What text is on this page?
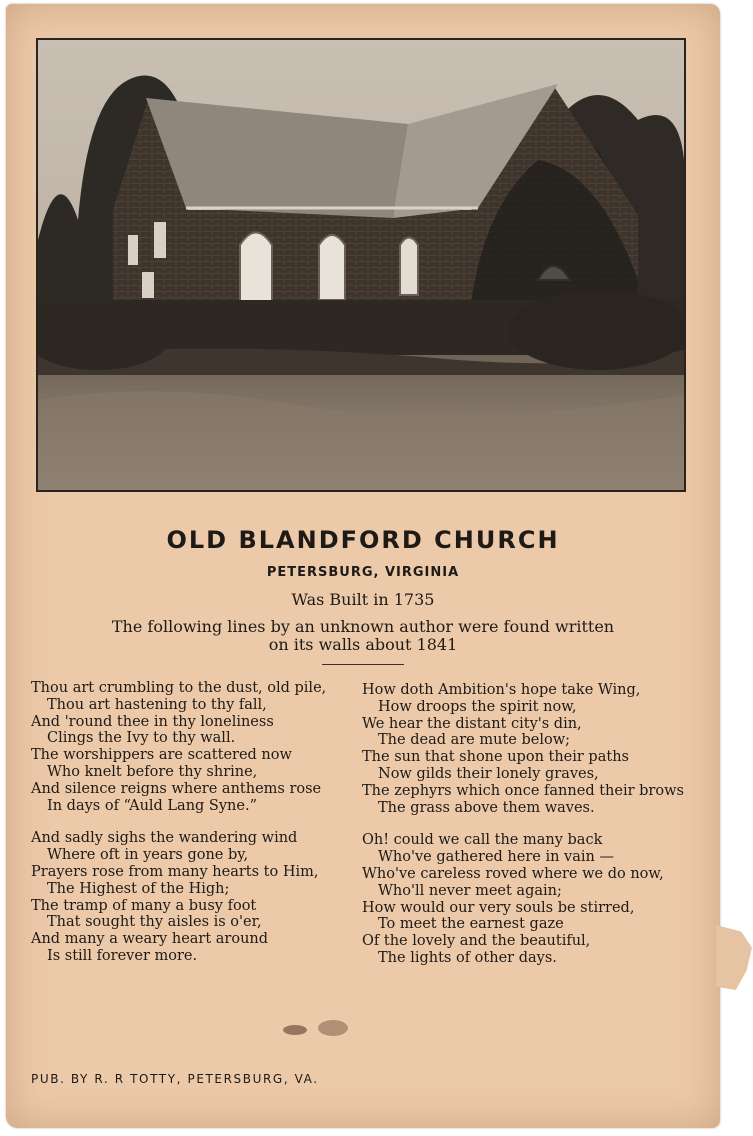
OLD BLANDFORD CHURCH
PETERSBURG, VIRGINIA
Was Built in 1735
The following lines by an unknown author were found written
on its walls about 1841
Thou art crumbling to the dust, old pile,
Thou art hastening to thy fall,
And 'round thee in thy loneliness
Clings the Ivy to thy wall.
The worshippers are scattered now
Who knelt before thy shrine,
And silence reigns where anthems rose
In days of “Auld Lang Syne.”
And sadly sighs the wandering wind
Where oft in years gone by,
Prayers rose from many hearts to Him,
The Highest of the High;
The tramp of many a busy foot
That sought thy aisles is o'er,
And many a weary heart around
Is still forever more.
How doth Ambition's hope take Wing,
How droops the spirit now,
We hear the distant city's din,
The dead are mute below;
The sun that shone upon their paths
Now gilds their lonely graves,
The zephyrs which once fanned their brows
The grass above them waves.
Oh! could we call the many back
Who've gathered here in vain —
Who've careless roved where we do now,
Who'll never meet again;
How would our very souls be stirred,
To meet the earnest gaze
Of the lovely and the beautiful,
The lights of other days.
PUB. BY R. R TOTTY, PETERSBURG, VA.
